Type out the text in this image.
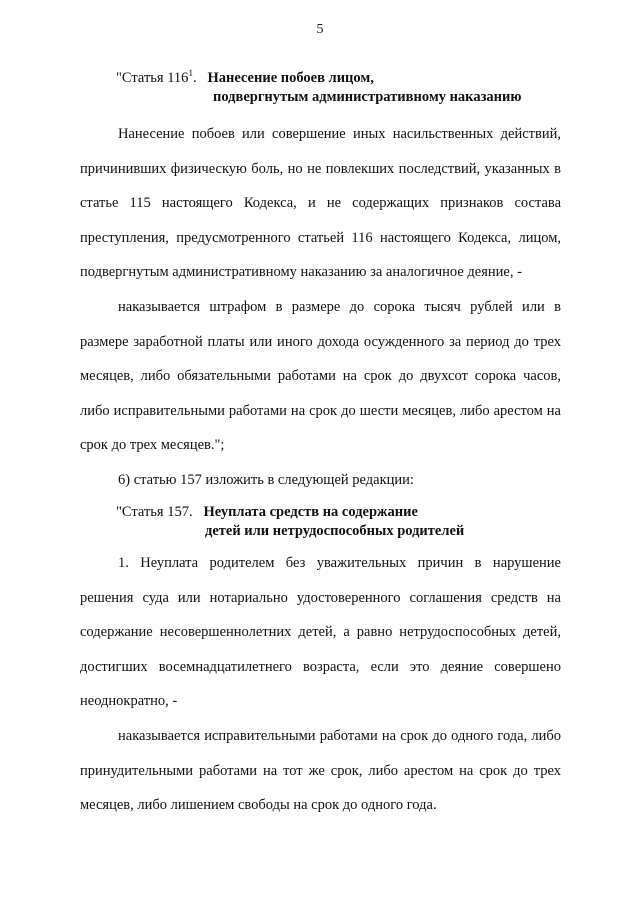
5
"Статья $116^1$. Нанесение побоев лицом,
подвергнутым административному наказанию
Нанесение побоев или совершение иных насильственных действий, причинивших физическую боль, но не повлекших последствий, указанных в статье 115 настоящего Кодекса, и не содержащих признаков состава преступления, предусмотренного статьей 116 настоящего Кодекса, лицом, подвергнутым административному наказанию за аналогичное деяние, -
наказывается штрафом в размере до сорока тысяч рублей или в размере заработной платы или иного дохода осужденного за период до трех месяцев, либо обязательными работами на срок до двухсот сорока часов, либо исправительными работами на срок до шести месяцев, либо арестом на срок до трех месяцев.";
6) статью 157 изложить в следующей редакции:
"Статья 157. Неуплата средств на содержание
детей или нетрудоспособных родителей
1. Неуплата родителем без уважительных причин в нарушение решения суда или нотариально удостоверенного соглашения средств на содержание несовершеннолетних детей, а равно нетрудоспособных детей, достигших восемнадцатилетнего возраста, если это деяние совершено неоднократно, -
наказывается исправительными работами на срок до одного года, либо принудительными работами на тот же срок, либо арестом на срок до трех месяцев, либо лишением свободы на срок до одного года.
